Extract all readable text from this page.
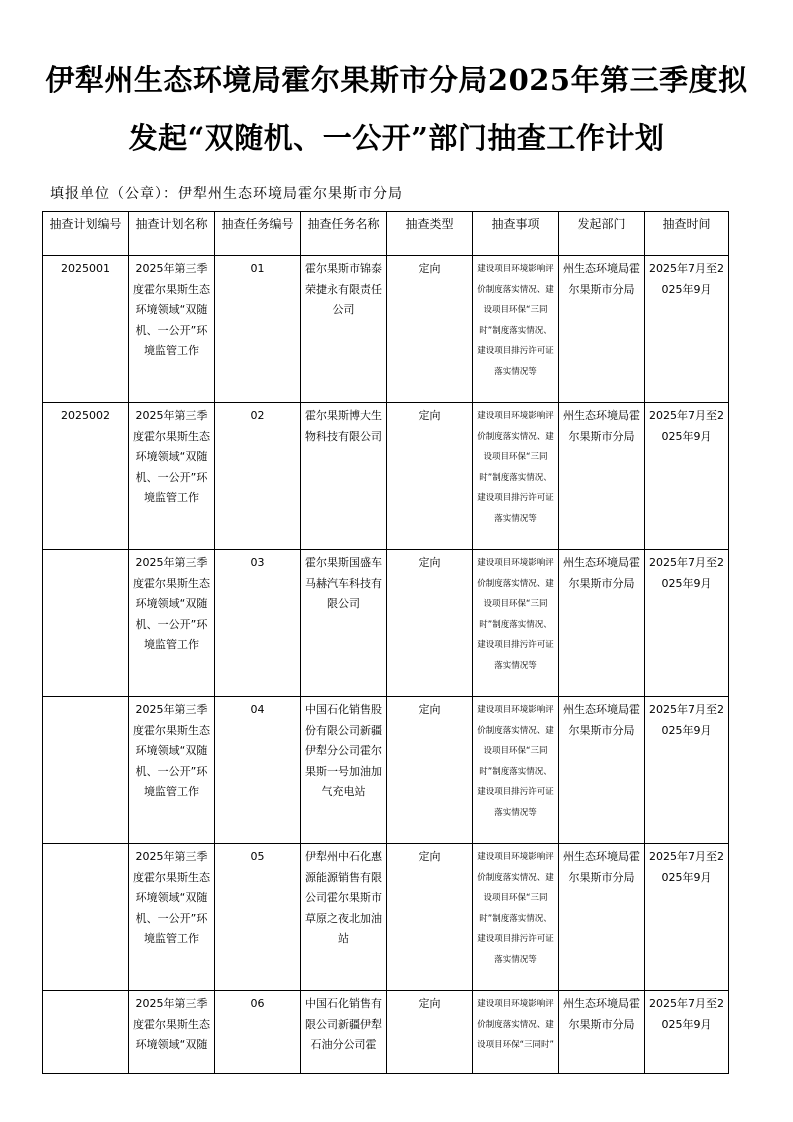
伊犁州生态环境局霍尔果斯市分局2025年第三季度拟
发起“双随机、一公开”部门抽查工作计划
填报单位（公章）：伊犁州生态环境局霍尔果斯市分局
抽查计划编号	抽查计划名称	抽查任务编号	抽查任务名称	抽查类型	抽查事项	发起部门	抽查时间
2025001	2025年第三季度霍尔果斯生态环境领域“双随机、一公开”环境监管工作	01	霍尔果斯市锦泰荣捷永有限责任公司	定向	建设项目环境影响评价制度落实情况、建设项目环保“三同时”制度落实情况、建设项目排污许可证落实情况等	州生态环境局霍尔果斯市分局	2025年7月至2025年9月
2025002	2025年第三季度霍尔果斯生态环境领域“双随机、一公开”环境监管工作	02	霍尔果斯博大生物科技有限公司	定向	建设项目环境影响评价制度落实情况、建设项目环保“三同时”制度落实情况、建设项目排污许可证落实情况等	州生态环境局霍尔果斯市分局	2025年7月至2025年9月
	2025年第三季度霍尔果斯生态环境领域“双随机、一公开”环境监管工作	03	霍尔果斯国盛车马赫汽车科技有限公司	定向	建设项目环境影响评价制度落实情况、建设项目环保“三同时”制度落实情况、建设项目排污许可证落实情况等	州生态环境局霍尔果斯市分局	2025年7月至2025年9月
	2025年第三季度霍尔果斯生态环境领域“双随机、一公开”环境监管工作	04	中国石化销售股份有限公司新疆伊犁分公司霍尔果斯一号加油加气充电站	定向	建设项目环境影响评价制度落实情况、建设项目环保“三同时”制度落实情况、建设项目排污许可证落实情况等	州生态环境局霍尔果斯市分局	2025年7月至2025年9月
	2025年第三季度霍尔果斯生态环境领域“双随机、一公开”环境监管工作	05	伊犁州中石化惠源能源销售有限公司霍尔果斯市草原之夜北加油站	定向	建设项目环境影响评价制度落实情况、建设项目环保“三同时”制度落实情况、建设项目排污许可证落实情况等	州生态环境局霍尔果斯市分局	2025年7月至2025年9月
	2025年第三季度霍尔果斯生态环境领域“双随	06	中国石化销售有限公司新疆伊犁石油分公司霍	定向	建设项目环境影响评价制度落实情况、建设项目环保“三同时”	州生态环境局霍尔果斯市分局	2025年7月至2025年9月
